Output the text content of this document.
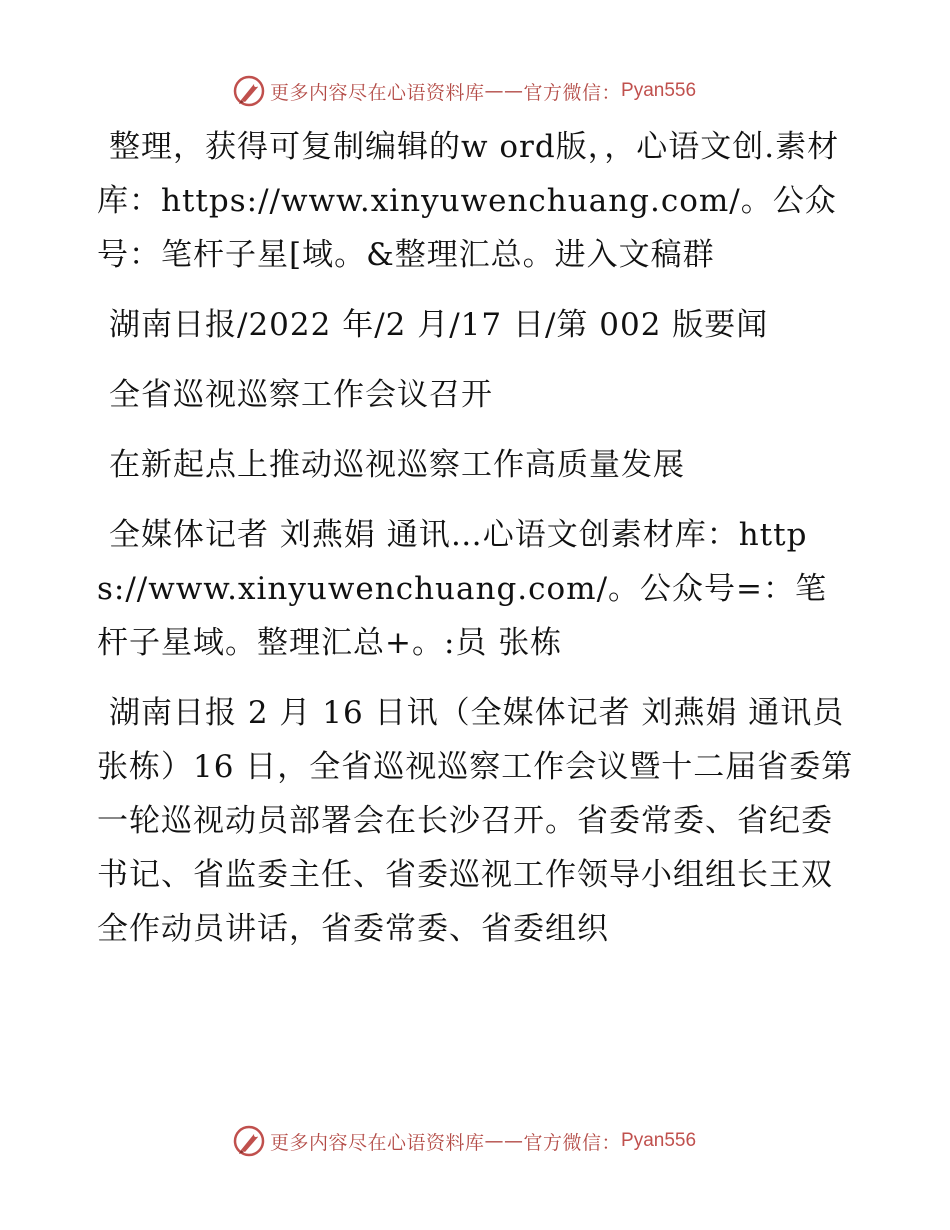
更多内容尽在心语资料库 —— 官方微信： Pyan556

整理，获得可复制编辑的w ord版，，心语文创.素材库：https://www.xinyuwenchuang.com/。公众号：笔杆子星[域。&整理汇总。进入文稿群

湖南日报/2022 年/2 月/17 日/第 002 版要闻

全省巡视巡察工作会议召开

在新起点上推动巡视巡察工作高质量发展

全媒体记者 刘燕娟 通讯…心语文创素材库：https://www.xinyuwenchuang.com/。公众号=：笔杆子星域。整理汇总+。:员 张栋

湖南日报 2 月 16 日讯（全媒体记者 刘燕娟 通讯员 张栋）16 日，全省巡视巡察工作会议暨十二届省委第一轮巡视动员部署会在长沙召开。省委常委、省纪委书记、省监委主任、省委巡视工作领导小组组长王双全作动员讲话，省委常委、省委组织

更多内容尽在心语资料库 —— 官方微信： Pyan556
